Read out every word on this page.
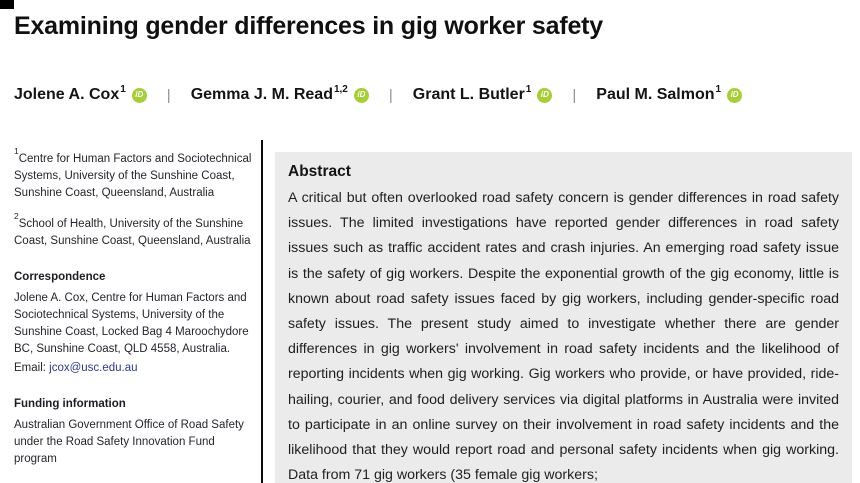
Examining gender differences in gig worker safety
Jolene A. Cox$^1$ iD | Gemma J. M. Read$^{1,2}$ iD | Grant L. Butler$^1$ iD | Paul M. Salmon$^1$ iD

$^1$Centre for Human Factors and Sociotechnical Systems, University of the Sunshine Coast, Sunshine Coast, Queensland, Australia

$^2$School of Health, University of the Sunshine Coast, Sunshine Coast, Queensland, Australia

Correspondence

Jolene A. Cox, Centre for Human Factors and Sociotechnical Systems, University of the Sunshine Coast, Locked Bag 4 Maroochydore BC, Sunshine Coast, QLD 4558, Australia.

Email: jcox@usc.edu.au

Funding information

Australian Government Office of Road Safety under the Road Safety Innovation Fund program

Abstract

A critical but often overlooked road safety concern is gender differences in road safety issues. The limited investigations have reported gender differences in road safety issues such as traffic accident rates and crash injuries. An emerging road safety issue is the safety of gig workers. Despite the exponential growth of the gig economy, little is known about road safety issues faced by gig workers, including gender-specific road safety issues. The present study aimed to investigate whether there are gender differences in gig workers' involvement in road safety incidents and the likelihood of reporting incidents when gig working. Gig workers who provide, or have provided, ride-hailing, courier, and food delivery services via digital platforms in Australia were invited to participate in an online survey on their involvement in road safety incidents and the likelihood that they would report road and personal safety incidents when gig working. Data from 71 gig workers (35 female gig workers;
